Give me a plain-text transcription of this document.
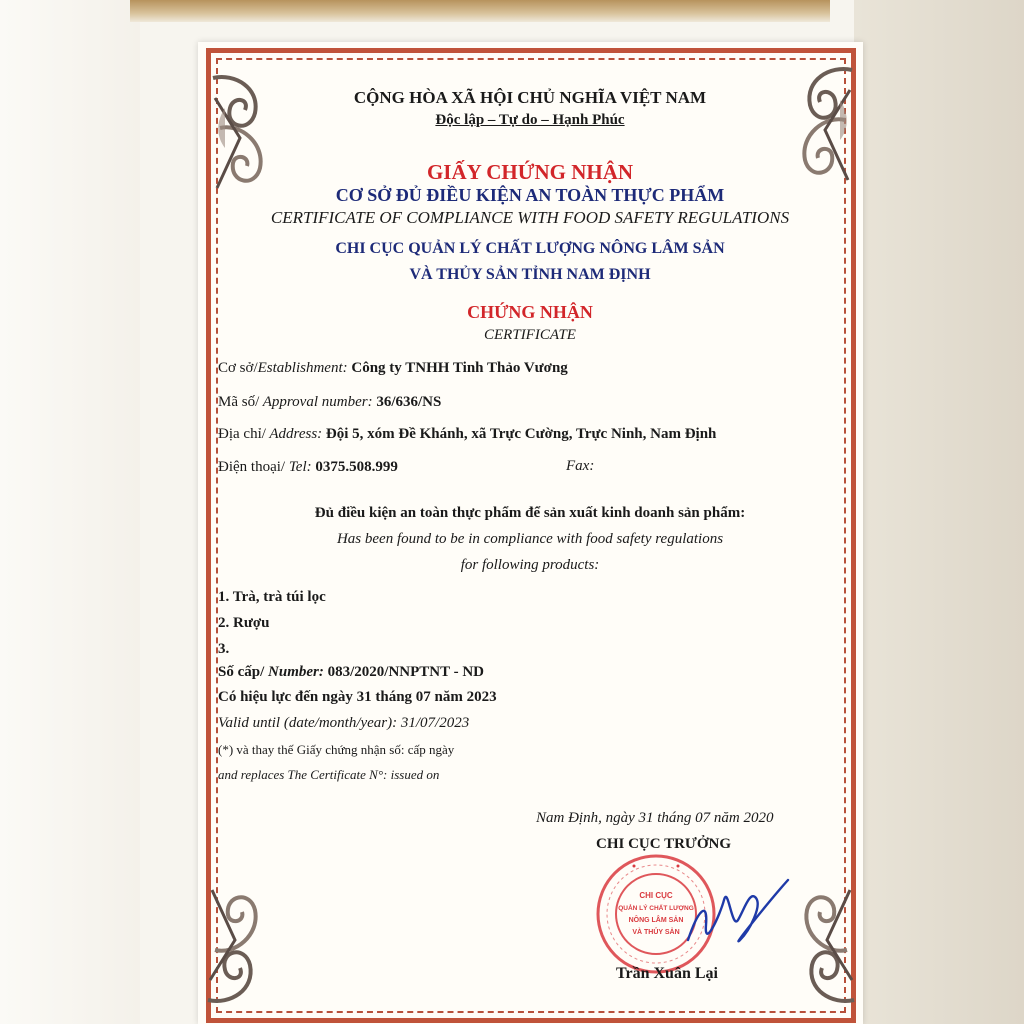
CỘNG HÒA XÃ HỘI CHỦ NGHĨA VIỆT NAM
Độc lập – Tự do – Hạnh Phúc
GIẤY CHỨNG NHẬN
CƠ SỞ ĐỦ ĐIỀU KIỆN AN TOÀN THỰC PHẨM
CERTIFICATE OF COMPLIANCE WITH FOOD SAFETY REGULATIONS
CHI CỤC QUẢN LÝ CHẤT LƯỢNG NÔNG LÂM SẢN
VÀ THỦY SẢN TỈNH NAM ĐỊNH
CHỨNG NHẬN
CERTIFICATE
Cơ sở/Establishment: Công ty TNHH Tinh Thảo Vương
Mã số/ Approval number: 36/636/NS
Địa chỉ/ Address: Đội 5, xóm Đề Khánh, xã Trực Cường, Trực Ninh, Nam Định
Điện thoại/ Tel: 0375.508.999	Fax:
Đủ điều kiện an toàn thực phẩm để sản xuất kinh doanh sản phẩm:
Has been found to be in compliance with food safety regulations
for following products:
1. Trà, trà túi lọc
2. Rượu
3.
Số cấp/ Number: 083/2020/NNPTNT - ND
Có hiệu lực đến ngày 31 tháng 07 năm 2023
Valid until (date/month/year): 31/07/2023
(*) và thay thế Giấy chứng nhận số: cấp ngày
and replaces The Certificate N°: issued on
Nam Định, ngày 31 tháng 07 năm 2020
CHI CỤC TRƯỞNG
CHI CỤC
QUẢN LÝ CHẤT LƯỢNG
NÔNG LÂM SẢN
VÀ THỦY SẢN
Trần Xuân Lại
